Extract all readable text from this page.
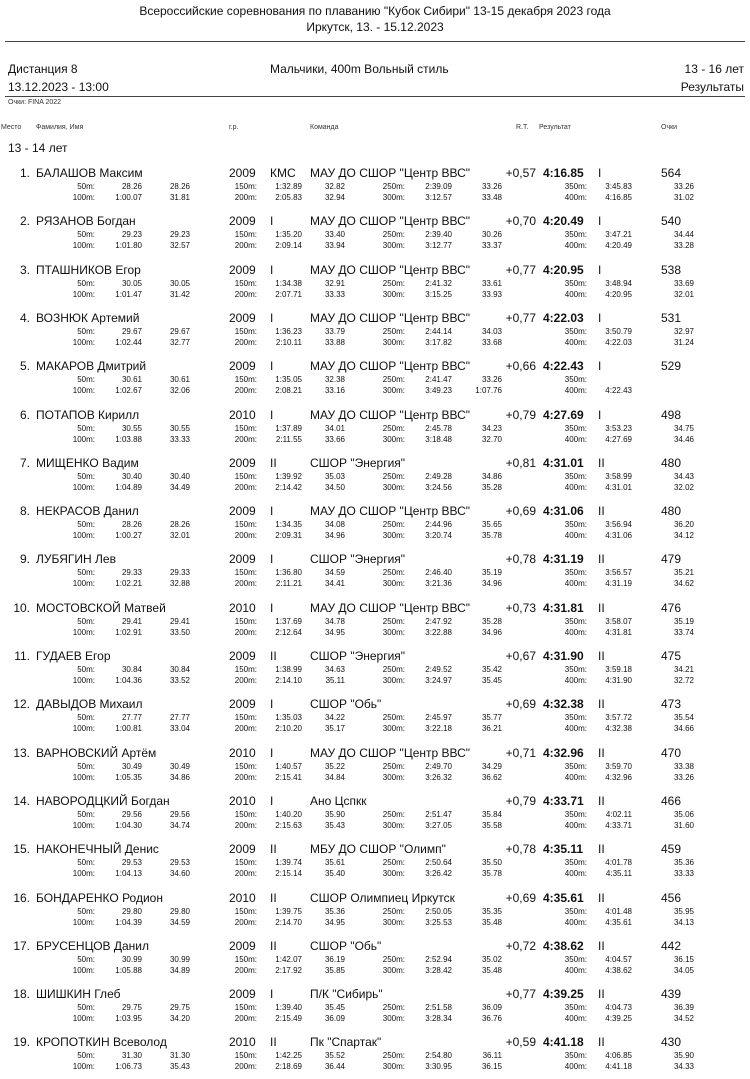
Всероссийские соревнования по плаванию "Кубок Сибири" 13-15 декабря 2023 года
Иркутск, 13. - 15.12.2023
Дистанция 8
13.12.2023 - 13:00
Мальчики, 400m Вольный стиль	13 - 16 лет
Результаты
Очки: FINA 2022
Место Фамилия, Имя	г.р.	Команда	R.T. Результат	Очки
13 - 14 лет
1. БАЛАШОВ Максим	2009 КМС МАУ ДО СШОР "Центр ВВС"	+0,57 4:16.85 I	564
50m:	28.26	28.26	150m:	1:32.89	32.82	250m:	2:39.09	33.26	350m:	3:45.83	33.26
100m:	1:00.07	31.81	200m:	2:05.83	32.94	300m:	3:12.57	33.48	400m:	4:16.85	31.02
2. РЯЗАНОВ Богдан	2009 I	МАУ ДО СШОР "Центр ВВС"	+0,70 4:20.49 I	540
50m:	29.23	29.23	150m:	1:35.20	33.40	250m:	2:39.40	30.26	350m:	3:47.21	34.44
100m:	1:01.80	32.57	200m:	2:09.14	33.94	300m:	3:12.77	33.37	400m:	4:20.49	33.28
3. ПТАШНИКОВ Егор	2009 I	МАУ ДО СШОР "Центр ВВС"	+0,77 4:20.95 I	538
50m:	30.05	30.05	150m:	1:34.38	32.91	250m:	2:41.32	33.61	350m:	3:48.94	33.69
100m:	1:01.47	31.42	200m:	2:07.71	33.33	300m:	3:15.25	33.93	400m:	4:20.95	32.01
4. ВОЗНЮК Артемий	2009 I	МАУ ДО СШОР "Центр ВВС"	+0,77 4:22.03 I	531
50m:	29.67	29.67	150m:	1:36.23	33.79	250m:	2:44.14	34.03	350m:	3:50.79	32.97
100m:	1:02.44	32.77	200m:	2:10.11	33.88	300m:	3:17.82	33.68	400m:	4:22.03	31.24
5. МАКАРОВ Дмитрий	2009 I	МАУ ДО СШОР "Центр ВВС"	+0,66 4:22.43 I	529
50m:	30.61	30.61	150m:	1:35.05	32.38	250m:	2:41.47	33.26	350m:
100m:	1:02.67	32.06	200m:	2:08.21	33.16	300m:	3:49.23	1:07.76	400m:	4:22.43
6. ПОТАПОВ Кирилл	2010 I	МАУ ДО СШОР "Центр ВВС"	+0,79 4:27.69 I	498
50m:	30.55	30.55	150m:	1:37.89	34.01	250m:	2:45.78	34.23	350m:	3:53.23	34.75
100m:	1:03.88	33.33	200m:	2:11.55	33.66	300m:	3:18.48	32.70	400m:	4:27.69	34.46
7. МИЩЕНКО Вадим	2009 II	СШОР "Энергия"	+0,81 4:31.01 II	480
50m:	30.40	30.40	150m:	1:39.92	35.03	250m:	2:49.28	34.86	350m:	3:58.99	34.43
100m:	1:04.89	34.49	200m:	2:14.42	34.50	300m:	3:24.56	35.28	400m:	4:31.01	32.02
8. НЕКРАСОВ Данил	2009 I	МАУ ДО СШОР "Центр ВВС"	+0,69 4:31.06 II	480
50m:	28.26	28.26	150m:	1:34.35	34.08	250m:	2:44.96	35.65	350m:	3:56.94	36.20
100m:	1:00.27	32.01	200m:	2:09.31	34.96	300m:	3:20.74	35.78	400m:	4:31.06	34.12
9. ЛУБЯГИН Лев	2009 I	СШОР "Энергия"	+0,78 4:31.19 II	479
50m:	29.33	29.33	150m:	1:36.80	34.59	250m:	2:46.40	35.19	350m:	3:56.57	35.21
100m:	1:02.21	32.88	200m:	2:11.21	34.41	300m:	3:21.36	34.96	400m:	4:31.19	34.62
10. МОСТОВСКОЙ Матвей	2010 I	МАУ ДО СШОР "Центр ВВС"	+0,73 4:31.81 II	476
50m:	29.41	29.41	150m:	1:37.69	34.78	250m:	2:47.92	35.28	350m:	3:58.07	35.19
100m:	1:02.91	33.50	200m:	2:12.64	34.95	300m:	3:22.88	34.96	400m:	4:31.81	33.74
11. ГУДАЕВ Егор	2009 II	СШОР "Энергия"	+0,67 4:31.90 II	475
50m:	30.84	30.84	150m:	1:38.99	34.63	250m:	2:49.52	35.42	350m:	3:59.18	34.21
100m:	1:04.36	33.52	200m:	2:14.10	35.11	300m:	3:24.97	35.45	400m:	4:31.90	32.72
12. ДАВЫДОВ Михаил	2009 I	СШОР "Обь"	+0,69 4:32.38 II	473
50m:	27.77	27.77	150m:	1:35.03	34.22	250m:	2:45.97	35.77	350m:	3:57.72	35.54
100m:	1:00.81	33.04	200m:	2:10.20	35.17	300m:	3:22.18	36.21	400m:	4:32.38	34.66
13. ВАРНОВСКИЙ Артём	2010 I	МАУ ДО СШОР "Центр ВВС"	+0,71 4:32.96 II	470
50m:	30.49	30.49	150m:	1:40.57	35.22	250m:	2:49.70	34.29	350m:	3:59.70	33.38
100m:	1:05.35	34.86	200m:	2:15.41	34.84	300m:	3:26.32	36.62	400m:	4:32.96	33.26
14. НАВОРОДЦКИЙ Богдан	2010 I	Ано Цспкк	+0,79 4:33.71 II	466
50m:	29.56	29.56	150m:	1:40.20	35.90	250m:	2:51.47	35.84	350m:	4:02.11	35.06
100m:	1:04.30	34.74	200m:	2:15.63	35.43	300m:	3:27.05	35.58	400m:	4:33.71	31.60
15. НАКОНЕЧНЫЙ Денис	2009 II	МБУ ДО СШОР "Олимп"	+0,78 4:35.11 II	459
50m:	29.53	29.53	150m:	1:39.74	35.61	250m:	2:50.64	35.50	350m:	4:01.78	35.36
100m:	1:04.13	34.60	200m:	2:15.14	35.40	300m:	3:26.42	35.78	400m:	4:35.11	33.33
16. БОНДАРЕНКО Родион	2010 II	СШОР Олимпиец Иркутск	+0,69 4:35.61 II	456
50m:	29.80	29.80	150m:	1:39.75	35.36	250m:	2:50.05	35.35	350m:	4:01.48	35.95
100m:	1:04.39	34.59	200m:	2:14.70	34.95	300m:	3:25.53	35.48	400m:	4:35.61	34.13
17. БРУСЕНЦОВ Данил	2009 II	СШОР "Обь"	+0,72 4:38.62 II	442
50m:	30.99	30.99	150m:	1:42.07	36.19	250m:	2:52.94	35.02	350m:	4:04.57	36.15
100m:	1:05.88	34.89	200m:	2:17.92	35.85	300m:	3:28.42	35.48	400m:	4:38.62	34.05
18. ШИШКИН Глеб	2009 I	П/К "Сибирь"	+0,77 4:39.25 II	439
50m:	29.75	29.75	150m:	1:39.40	35.45	250m:	2:51.58	36.09	350m:	4:04.73	36.39
100m:	1:03.95	34.20	200m:	2:15.49	36.09	300m:	3:28.34	36.76	400m:	4:39.25	34.52
19. КРОПОТКИН Всеволод	2010 II	Пк "Спартак"	+0,59 4:41.18 II	430
50m:	31.30	31.30	150m:	1:42.25	35.52	250m:	2:54.80	36.11	350m:	4:06.85	35.90
100m:	1:06.73	35.43	200m:	2:18.69	36.44	300m:	3:30.95	36.15	400m:	4:41.18	34.33
